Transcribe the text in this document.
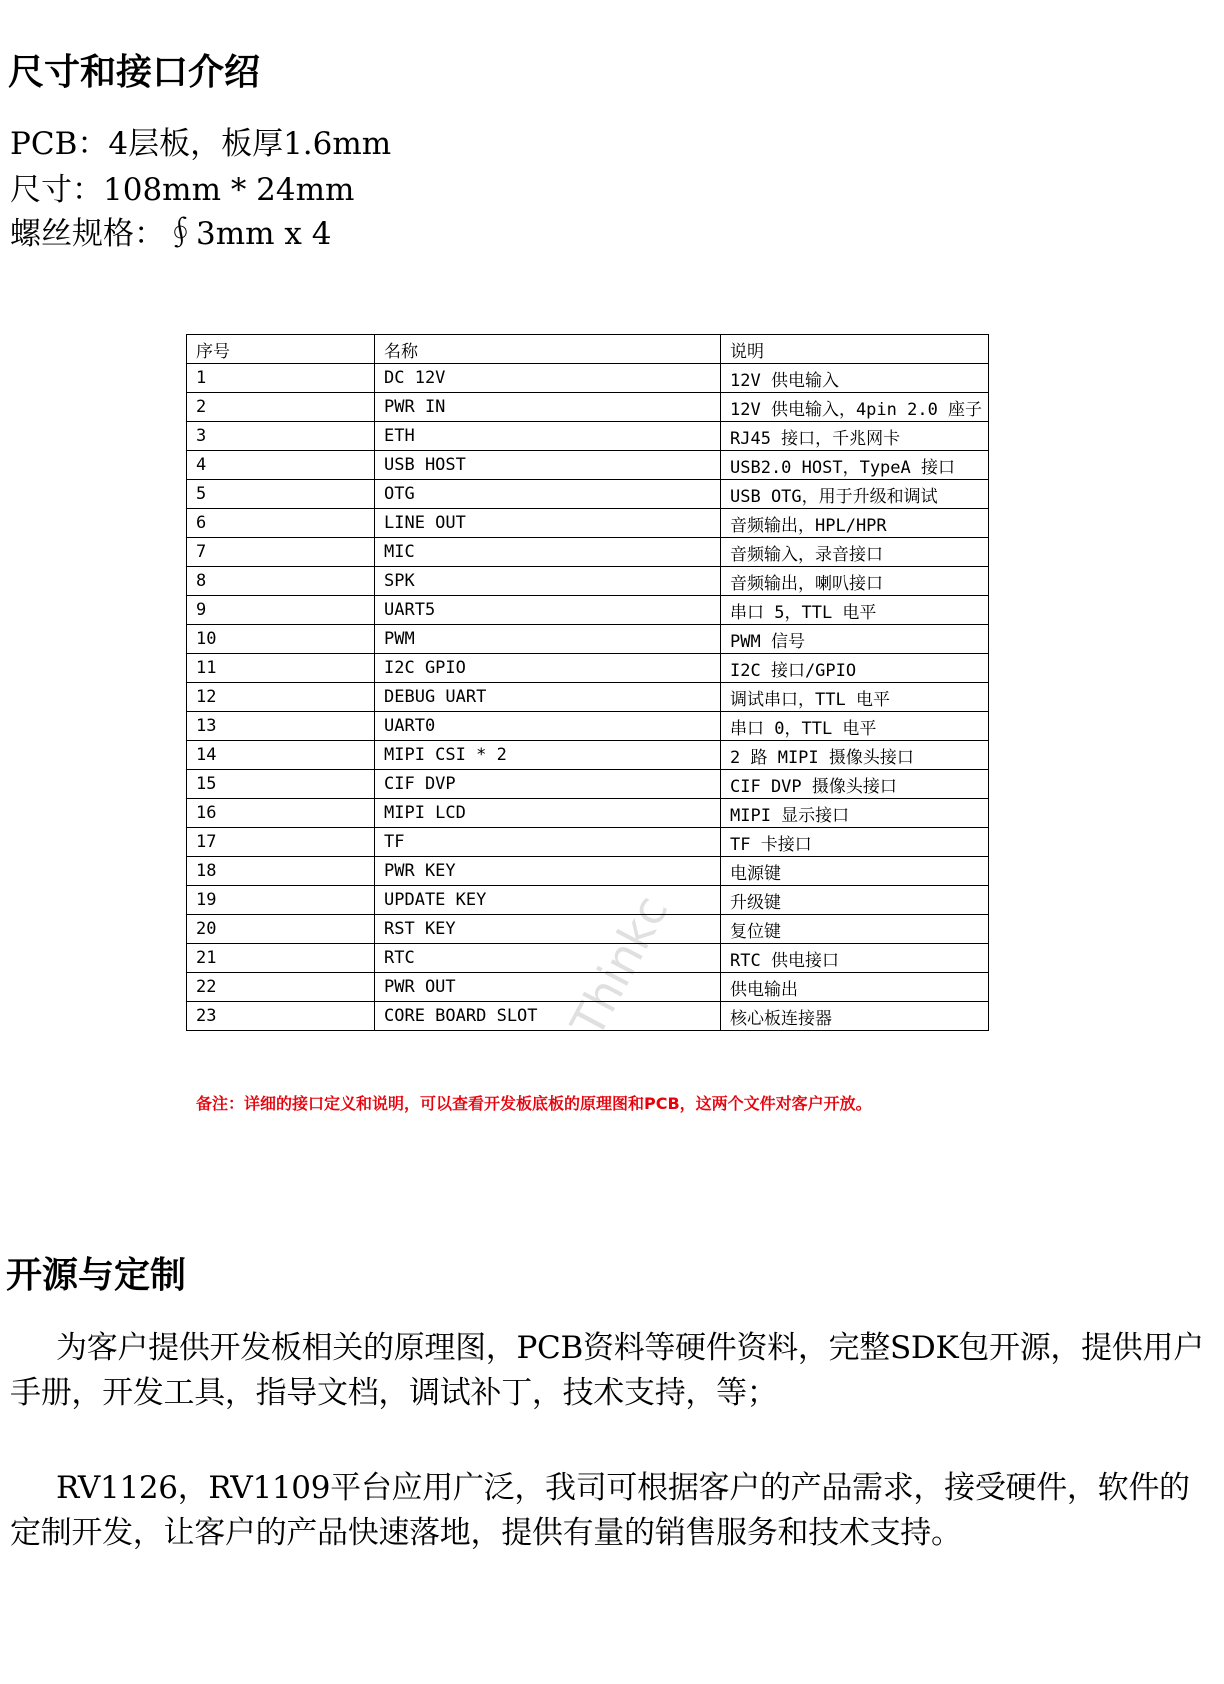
尺寸和接口介绍
PCB：4层板，板厚1.6mm
尺寸：108mm * 24mm
螺丝规格：∮3mm x 4
序号	名称	说明
1	DC 12V	12V 供电输入
2	PWR IN	12V 供电输入，4pin 2.0 座子
3	ETH	RJ45 接口，千兆网卡
4	USB HOST	USB2.0 HOST，TypeA 接口
5	OTG	USB OTG，用于升级和调试
6	LINE OUT	音频输出，HPL/HPR
7	MIC	音频输入，录音接口
8	SPK	音频输出，喇叭接口
9	UART5	串口 5，TTL 电平
10	PWM	PWM 信号
11	I2C GPIO	I2C 接口/GPIO
12	DEBUG UART	调试串口，TTL 电平
13	UART0	串口 0，TTL 电平
14	MIPI CSI * 2	2 路 MIPI 摄像头接口
15	CIF DVP	CIF DVP 摄像头接口
16	MIPI LCD	MIPI 显示接口
17	TF	TF 卡接口
18	PWR KEY	电源键
19	UPDATE KEY	升级键
20	RST KEY	复位键
21	RTC	RTC 供电接口
22	PWR OUT	供电输出
23	CORE BOARD SLOT	核心板连接器
Thinkc
备注：详细的接口定义和说明，可以查看开发板底板的原理图和PCB，这两个文件对客户开放。
开源与定制
为客户提供开发板相关的原理图，PCB资料等硬件资料，完整SDK包开源，提供用户手册，开发工具，指导文档，调试补丁，技术支持，等；
RV1126，RV1109平台应用广泛，我司可根据客户的产品需求，接受硬件，软件的定制开发，让客户的产品快速落地，提供有量的销售服务和技术支持。
